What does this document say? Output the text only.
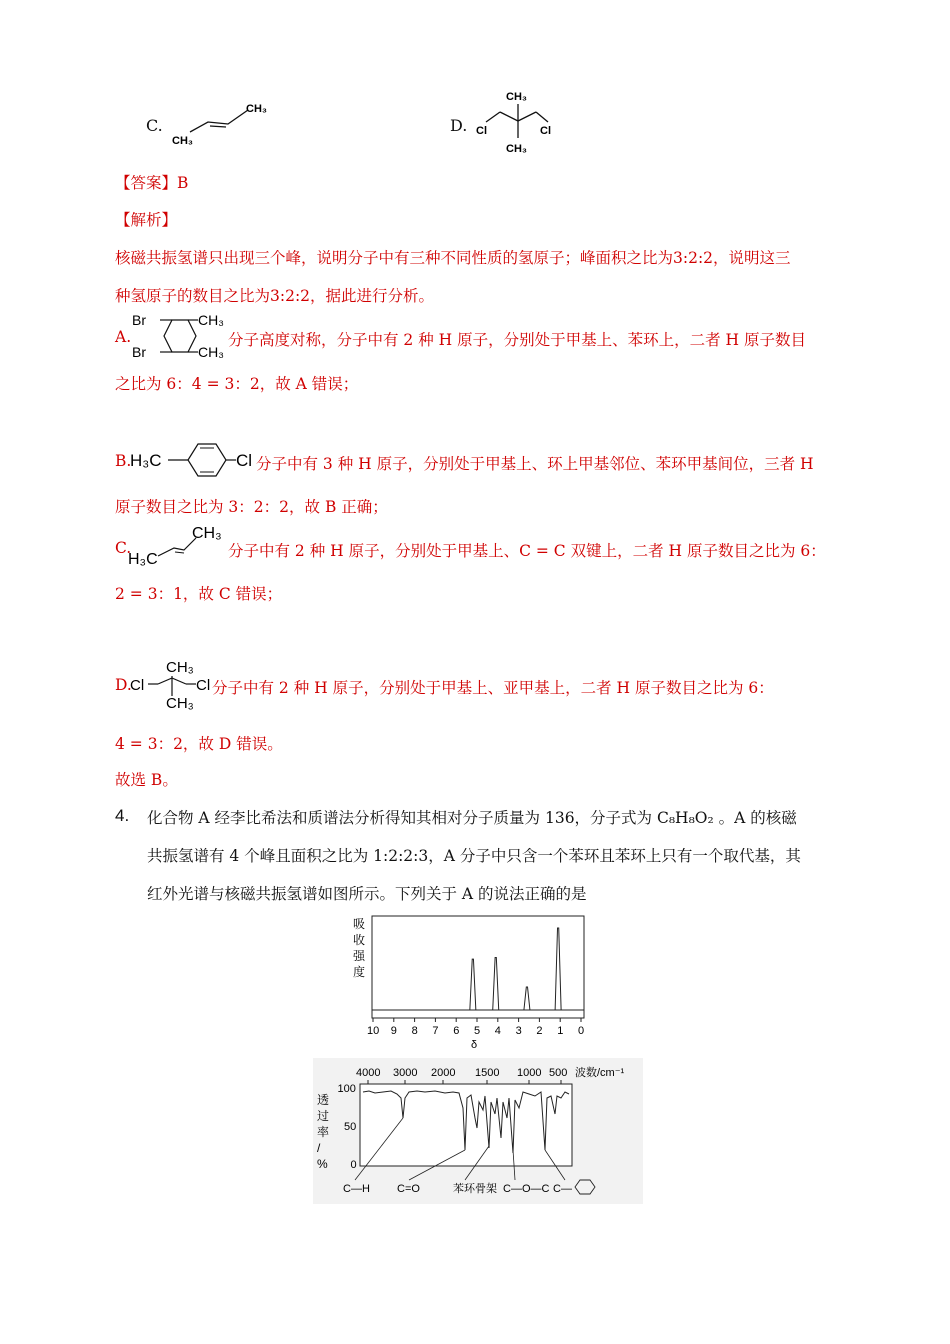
C.
CH₃
CH₃
D.
CH₃
CH₃
Cl	Cl
【答案】B
【解析】
核磁共振氢谱只出现三个峰，说明分子中有三种不同性质的氢原子；峰面积之比为3:2:2，说明这三
种氢原子的数目之比为3:2:2，据此进行分析。
A.
Br
Br
CH₃
CH₃
分子高度对称，分子中有 2 种 H 原子，分别处于甲基上、苯环上，二者 H 原子数目
之比为 6：4 = 3：2，故 A 错误；
B.
H₃C	Cl 分子中有 3 种 H 原子，分别处于甲基上、环上甲基邻位、苯环甲基间位，三者 H
原子数目之比为 3：2：2，故 B 正确；
C.
CH₃
H₃C	分子中有 2 种 H 原子，分别处于甲基上、C = C 双键上，二者 H 原子数目之比为 6：
2 = 3：1，故 C 错误；
D.
Cl	Cl
CH₃
CH₃
分子中有 2 种 H 原子，分别处于甲基上、亚甲基上，二者 H 原子数目之比为 6：
4 = 3：2，故 D 错误。
故选 B。
4. 化合物 A 经李比希法和质谱法分析得知其相对分子质量为 136，分子式为 C₈H₈O₂ 。A 的核磁
共振氢谱有 4 个峰且面积之比为 1:2:2:3，A 分子中只含一个苯环且苯环上只有一个取代基，其
红外光谱与核磁共振氢谱如图所示。下列关于 A 的说法正确的是
吸
收
强
度
10 9 8 7 6 5 4 3 2 1 0
δ
4000 3000 2000 1500 1000 500 波数/cm⁻¹
100
50
0
透
过
率
/
%
C—H C=O	苯环骨架 C—O—C C—
